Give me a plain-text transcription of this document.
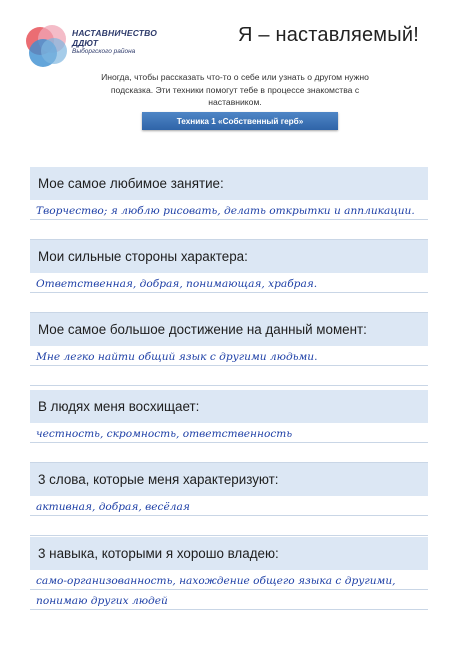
НАСТАВНИЧЕСТВО
ДДЮТ
Выборгского района
Я – наставляемый!
Иногда, чтобы рассказать что-то о себе или узнать о другом нужно подсказка. Эти техники помогут тебе в процессе знакомства с наставником.
Техника 1 «Собственный герб»
Мое самое любимое занятие:
Творчество; я люблю рисовать, делать открытки и аппликации.
Мои сильные стороны характера:
Ответственная, добрая, понимающая, храбрая.
Мое самое большое достижение на данный момент:
Мне легко найти общий язык с другими людьми.
В людях меня восхищает:
честность, скромность, ответственность
3 слова, которые меня характеризуют:
активная, добрая, весёлая
3 навыка, которыми я хорошо владею:
само-организованность, нахождение общего языка с другими, понимаю других людей
